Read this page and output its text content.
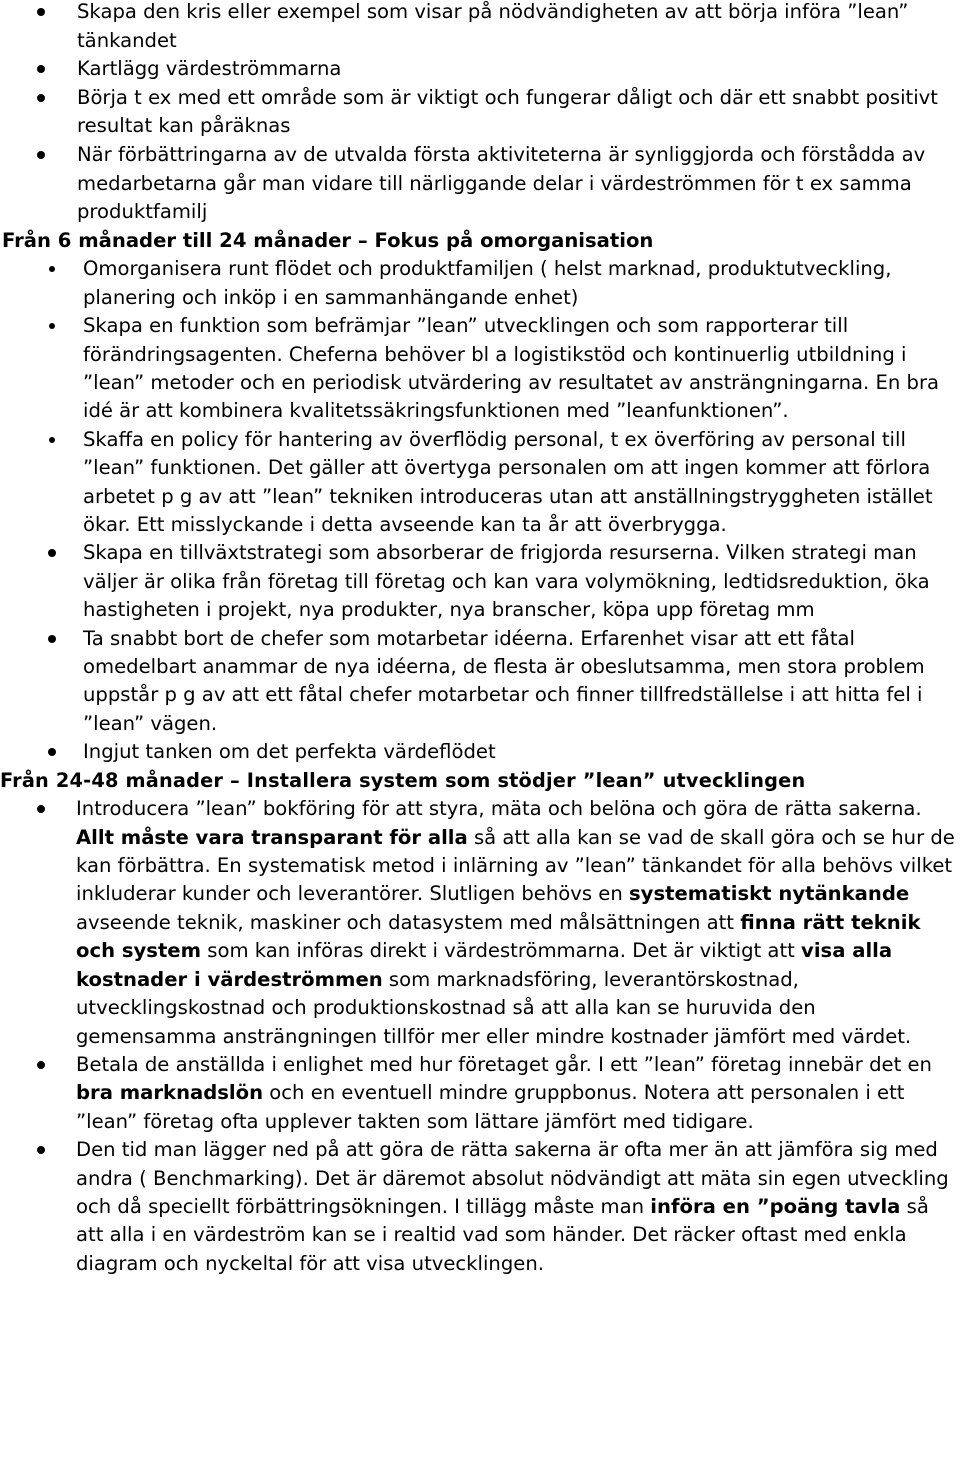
Skapa den kris eller exempel som visar på nödvändigheten av att börja införa ”lean” tänkandet
Kartlägg värdeströmmarna
Börja t ex med ett område som är viktigt och fungerar dåligt och där ett snabbt positivt resultat kan påräknas
När förbättringarna av de utvalda första aktiviteterna är synliggjorda och förstådda av medarbetarna går man vidare till närliggande delar i värdeströmmen för t ex samma produktfamilj

Från 6 månader till 24 månader – Fokus på omorganisation

Omorganisera runt flödet och produktfamiljen ( helst marknad, produktutveckling, planering och inköp i en sammanhängande enhet)
Skapa en funktion som befrämjar ”lean” utvecklingen och som rapporterar till förändringsagenten. Cheferna behöver bl a logistikstöd och kontinuerlig utbildning i ”lean” metoder och en periodisk utvärdering av resultatet av ansträngningarna. En bra idé är att kombinera kvalitetssäkringsfunktionen med ”leanfunktionen”.
Skaffa en policy för hantering av överflödig personal, t ex överföring av personal till ”lean” funktionen. Det gäller att övertyga personalen om att ingen kommer att förlora arbetet p g av att ”lean” tekniken introduceras utan att anställningstryggheten istället ökar. Ett misslyckande i detta avseende kan ta år att överbrygga.
Skapa en tillväxtstrategi som absorberar de frigjorda resurserna. Vilken strategi man väljer är olika från företag till företag och kan vara volymökning, ledtidsreduktion, öka hastigheten i projekt, nya produkter, nya branscher, köpa upp företag mm
Ta snabbt bort de chefer som motarbetar idéerna. Erfarenhet visar att ett fåtal omedelbart anammar de nya idéerna, de flesta är obeslutsamma, men stora problem uppstår p g av att ett fåtal chefer motarbetar och finner tillfredställelse i att hitta fel i ”lean” vägen.
Ingjut tanken om det perfekta värdeflödet

Från 24-48 månader – Installera system som stödjer ”lean” utvecklingen

Introducera ”lean” bokföring för att styra, mäta och belöna och göra de rätta sakerna. Allt måste vara transparant för alla så att alla kan se vad de skall göra och se hur de kan förbättra. En systematisk metod i inlärning av ”lean” tänkandet för alla behövs vilket inkluderar kunder och leverantörer. Slutligen behövs en systematiskt nytänkande avseende teknik, maskiner och datasystem med målsättningen att finna rätt teknik och system som kan införas direkt i värdeströmmarna. Det är viktigt att visa alla kostnader i värdeströmmen som marknadsföring, leverantörskostnad, utvecklingskostnad och produktionskostnad så att alla kan se huruvida den gemensamma ansträngningen tillför mer eller mindre kostnader jämfört med värdet.
Betala de anställda i enlighet med hur företaget går. I ett ”lean” företag innebär det en bra marknadslön och en eventuell mindre gruppbonus. Notera att personalen i ett ”lean” företag ofta upplever takten som lättare jämfört med tidigare.
Den tid man lägger ned på att göra de rätta sakerna är ofta mer än att jämföra sig med andra ( Benchmarking). Det är däremot absolut nödvändigt att mäta sin egen utveckling och då speciellt förbättringsökningen. I tillägg måste man införa en ”poäng tavla så att alla i en värdeström kan se i realtid vad som händer. Det räcker oftast med enkla diagram och nyckeltal för att visa utvecklingen.
